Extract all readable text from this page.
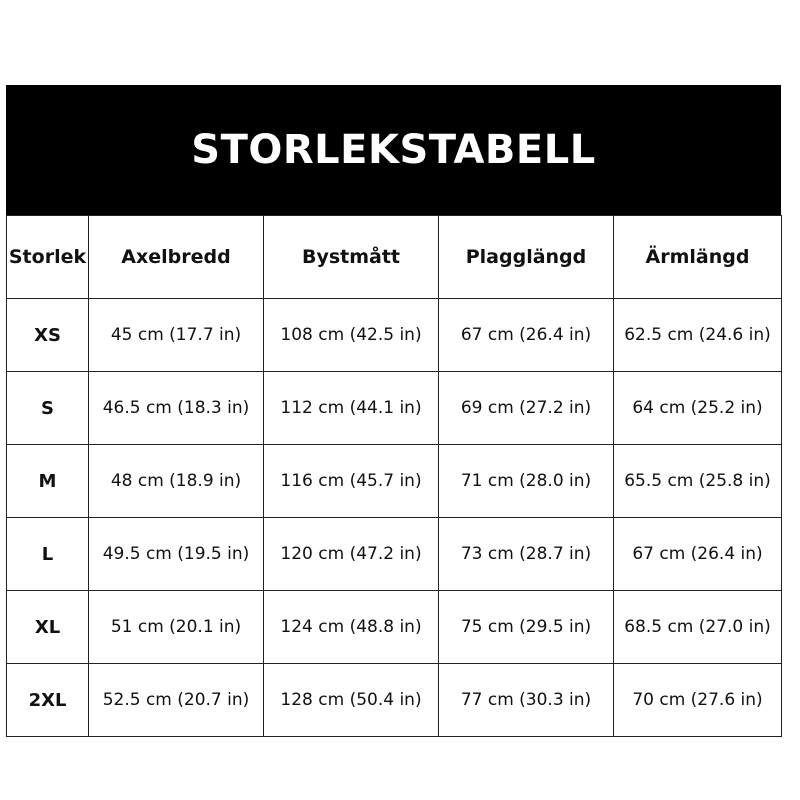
STORLEKSTABELL
Storlek	Axelbredd	Bystmått	Plagglängd	Ärmlängd
XS	45 cm (17.7 in)	108 cm (42.5 in)	67 cm (26.4 in)	62.5 cm (24.6 in)
S	46.5 cm (18.3 in)	112 cm (44.1 in)	69 cm (27.2 in)	64 cm (25.2 in)
M	48 cm (18.9 in)	116 cm (45.7 in)	71 cm (28.0 in)	65.5 cm (25.8 in)
L	49.5 cm (19.5 in)	120 cm (47.2 in)	73 cm (28.7 in)	67 cm (26.4 in)
XL	51 cm (20.1 in)	124 cm (48.8 in)	75 cm (29.5 in)	68.5 cm (27.0 in)
2XL	52.5 cm (20.7 in)	128 cm (50.4 in)	77 cm (30.3 in)	70 cm (27.6 in)
